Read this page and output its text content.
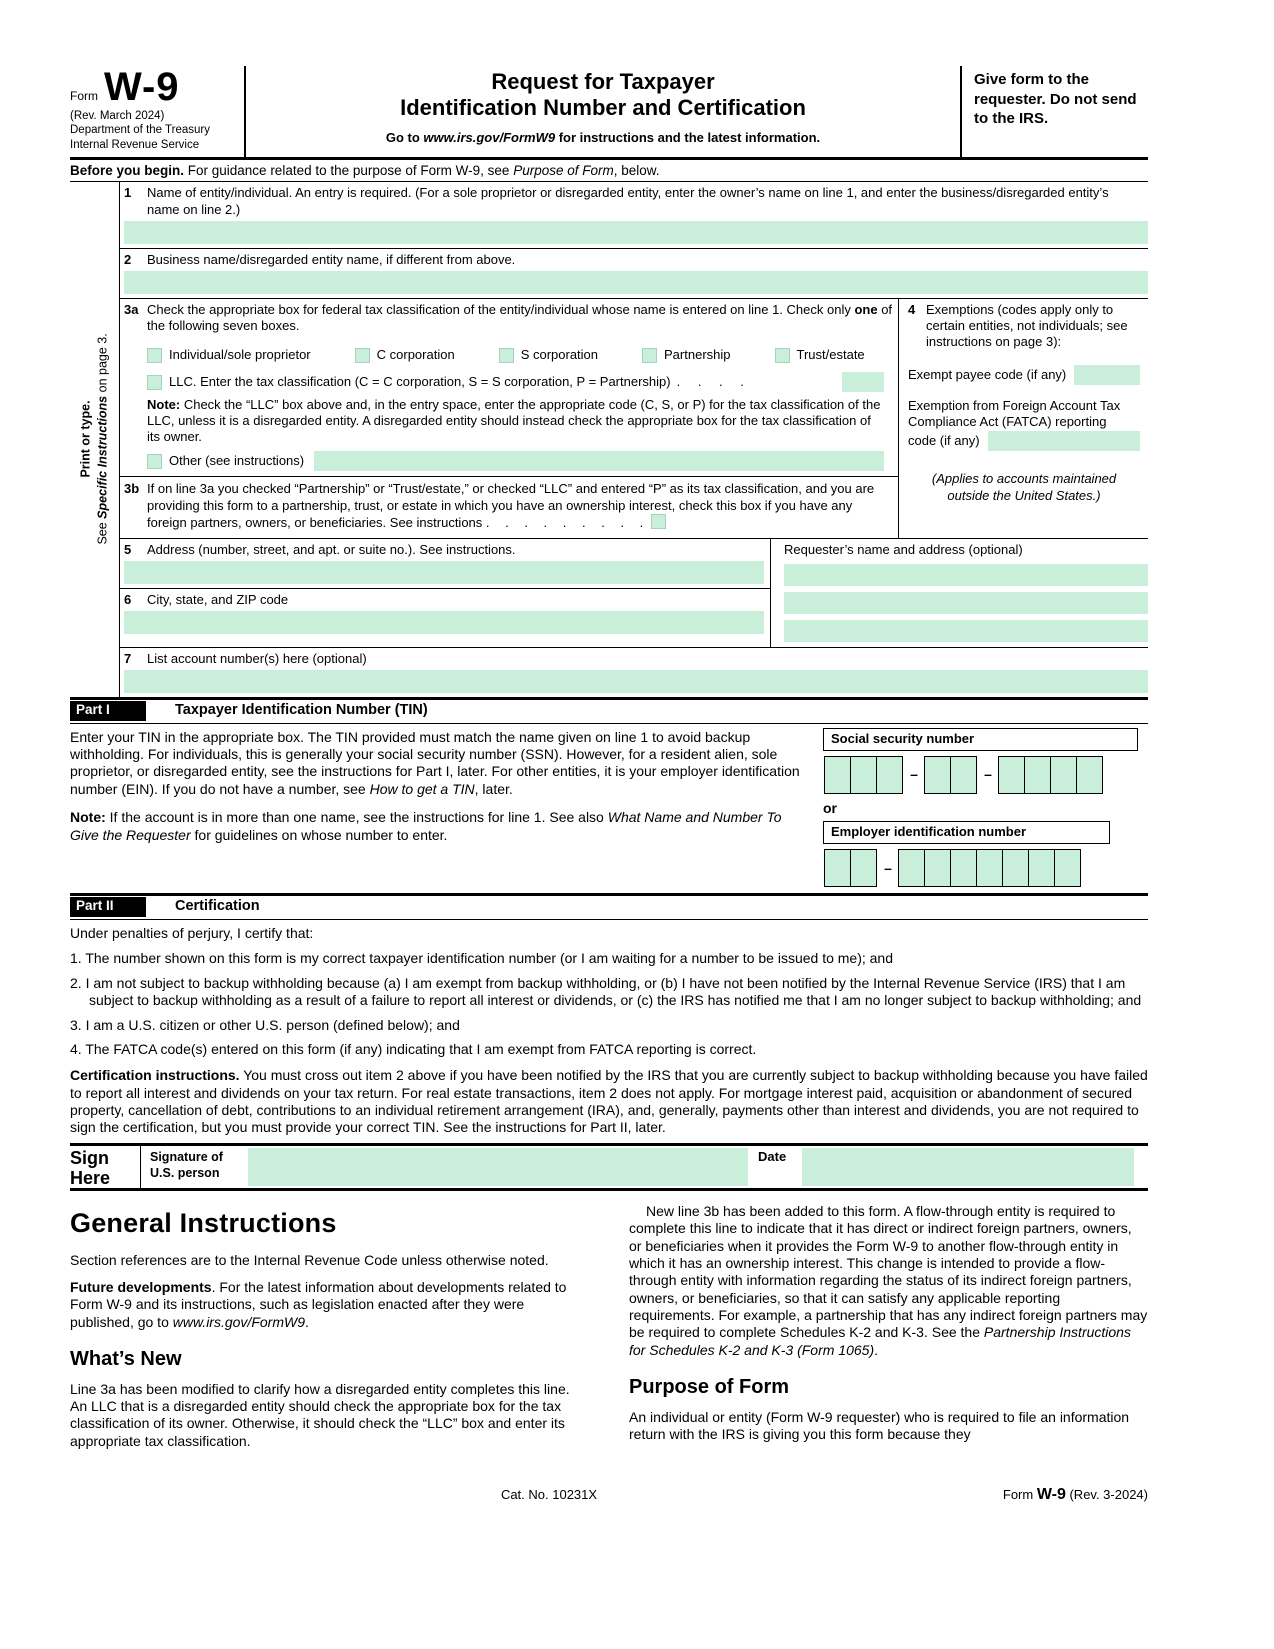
Form W-9
(Rev. March 2024)
Department of the Treasury
Internal Revenue Service
Request for Taxpayer
Identification Number and Certification
Go to www.irs.gov/FormW9 for instructions and the latest information.
Give form to the requester. Do not send to the IRS.
Before you begin. For guidance related to the purpose of Form W-9, see Purpose of Form, below.
Print or type.
See Specific Instructions on page 3.
1	Name of entity/individual. An entry is required. (For a sole proprietor or disregarded entity, enter the owner’s name on line 1, and enter the business/disregarded entity’s name on line 2.)
2	Business name/disregarded entity name, if different from above.
3a Check the appropriate box for federal tax classification of the entity/individual whose name is entered on line 1. Check only one of the following seven boxes.
Individual/sole proprietor	C corporation	S corporation	Partnership	Trust/estate
LLC. Enter the tax classification (C = C corporation, S = S corporation, P = Partnership) . . . .
Note: Check the “LLC” box above and, in the entry space, enter the appropriate code (C, S, or P) for the tax classification of the LLC, unless it is a disregarded entity. A disregarded entity should instead check the appropriate box for the tax classification of its owner.
Other (see instructions)
3b If on line 3a you checked “Partnership” or “Trust/estate,” or checked “LLC” and entered “P” as its tax classification, and you are providing this form to a partnership, trust, or estate in which you have an ownership interest, check this box if you have any foreign partners, owners, or beneficiaries. See instructions . . . . . . . . .
4 Exemptions (codes apply only to certain entities, not individuals; see instructions on page 3):
Exempt payee code (if any)
Exemption from Foreign Account Tax Compliance Act (FATCA) reporting
code (if any)
(Applies to accounts maintained outside the United States.)
5	Address (number, street, and apt. or suite no.). See instructions.
6	City, state, and ZIP code
Requester’s name and address (optional)
7	List account number(s) here (optional)
Part I	Taxpayer Identification Number (TIN)
Enter your TIN in the appropriate box. The TIN provided must match the name given on line 1 to avoid backup withholding. For individuals, this is generally your social security number (SSN). However, for a resident alien, sole proprietor, or disregarded entity, see the instructions for Part I, later. For other entities, it is your employer identification number (EIN). If you do not have a number, see How to get a TIN, later.
Note: If the account is in more than one name, see the instructions for line 1. See also What Name and Number To Give the Requester for guidelines on whose number to enter.
Social security number
–	–
or
Employer identification number
–
Part II	Certification
Under penalties of perjury, I certify that:
1. The number shown on this form is my correct taxpayer identification number (or I am waiting for a number to be issued to me); and
2. I am not subject to backup withholding because (a) I am exempt from backup withholding, or (b) I have not been notified by the Internal Revenue Service (IRS) that I am subject to backup withholding as a result of a failure to report all interest or dividends, or (c) the IRS has notified me that I am no longer subject to backup withholding; and
3. I am a U.S. citizen or other U.S. person (defined below); and
4. The FATCA code(s) entered on this form (if any) indicating that I am exempt from FATCA reporting is correct.
Certification instructions. You must cross out item 2 above if you have been notified by the IRS that you are currently subject to backup withholding because you have failed to report all interest and dividends on your tax return. For real estate transactions, item 2 does not apply. For mortgage interest paid, acquisition or abandonment of secured property, cancellation of debt, contributions to an individual retirement arrangement (IRA), and, generally, payments other than interest and dividends, you are not required to sign the certification, but you must provide your correct TIN. See the instructions for Part II, later.
Sign
Here
Signature of
U.S. person
Date
General Instructions

Section references are to the Internal Revenue Code unless otherwise noted.

Future developments. For the latest information about developments related to Form W-9 and its instructions, such as legislation enacted after they were published, go to www.irs.gov/FormW9.

What’s New

Line 3a has been modified to clarify how a disregarded entity completes this line. An LLC that is a disregarded entity should check the appropriate box for the tax classification of its owner. Otherwise, it should check the “LLC” box and enter its appropriate tax classification.

New line 3b has been added to this form. A flow-through entity is required to complete this line to indicate that it has direct or indirect foreign partners, owners, or beneficiaries when it provides the Form W-9 to another flow-through entity in which it has an ownership interest. This change is intended to provide a flow-through entity with information regarding the status of its indirect foreign partners, owners, or beneficiaries, so that it can satisfy any applicable reporting requirements. For example, a partnership that has any indirect foreign partners may be required to complete Schedules K-2 and K-3. See the Partnership Instructions for Schedules K-2 and K-3 (Form 1065).

Purpose of Form

An individual or entity (Form W-9 requester) who is required to file an information return with the IRS is giving you this form because they

Cat. No. 10231X	Form W-9 (Rev. 3-2024)
